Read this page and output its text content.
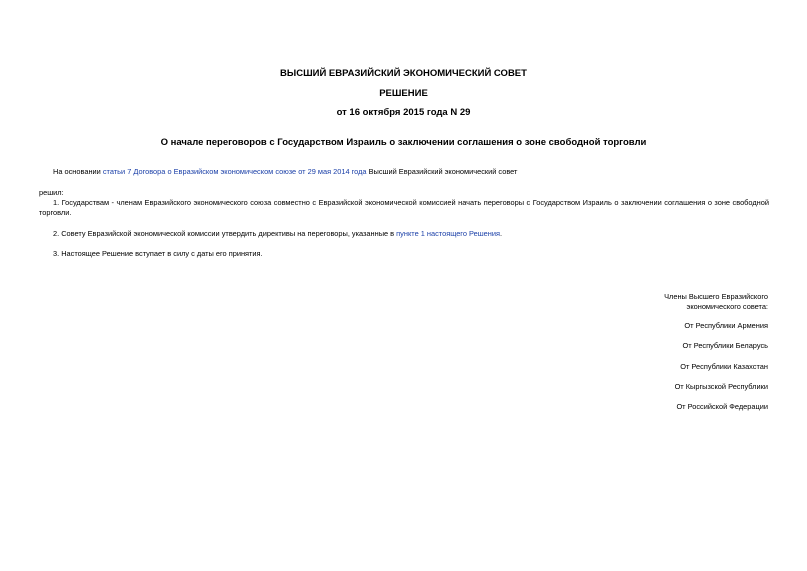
ВЫСШИЙ ЕВРАЗИЙСКИЙ ЭКОНОМИЧЕСКИЙ СОВЕТ
РЕШЕНИЕ
от 16 октября 2015 года N 29
О начале переговоров с Государством Израиль о заключении соглашения о зоне свободной торговли
На основании статьи 7 Договора о Евразийском экономическом союзе от 29 мая 2014 года Высший Евразийский экономический совет
решил:
1. Государствам - членам Евразийского экономического союза совместно с Евразийской экономической комиссией начать переговоры с Государством Израиль о заключении соглашения о зоне свободной торговли.
2. Совету Евразийской экономической комиссии утвердить директивы на переговоры, указанные в пункте 1 настоящего Решения.
3. Настоящее Решение вступает в силу с даты его принятия.
Члены Высшего Евразийского
экономического совета:
От Республики Армения
От Республики Беларусь
От Республики Казахстан
От Кыргызской Республики
От Российской Федерации
